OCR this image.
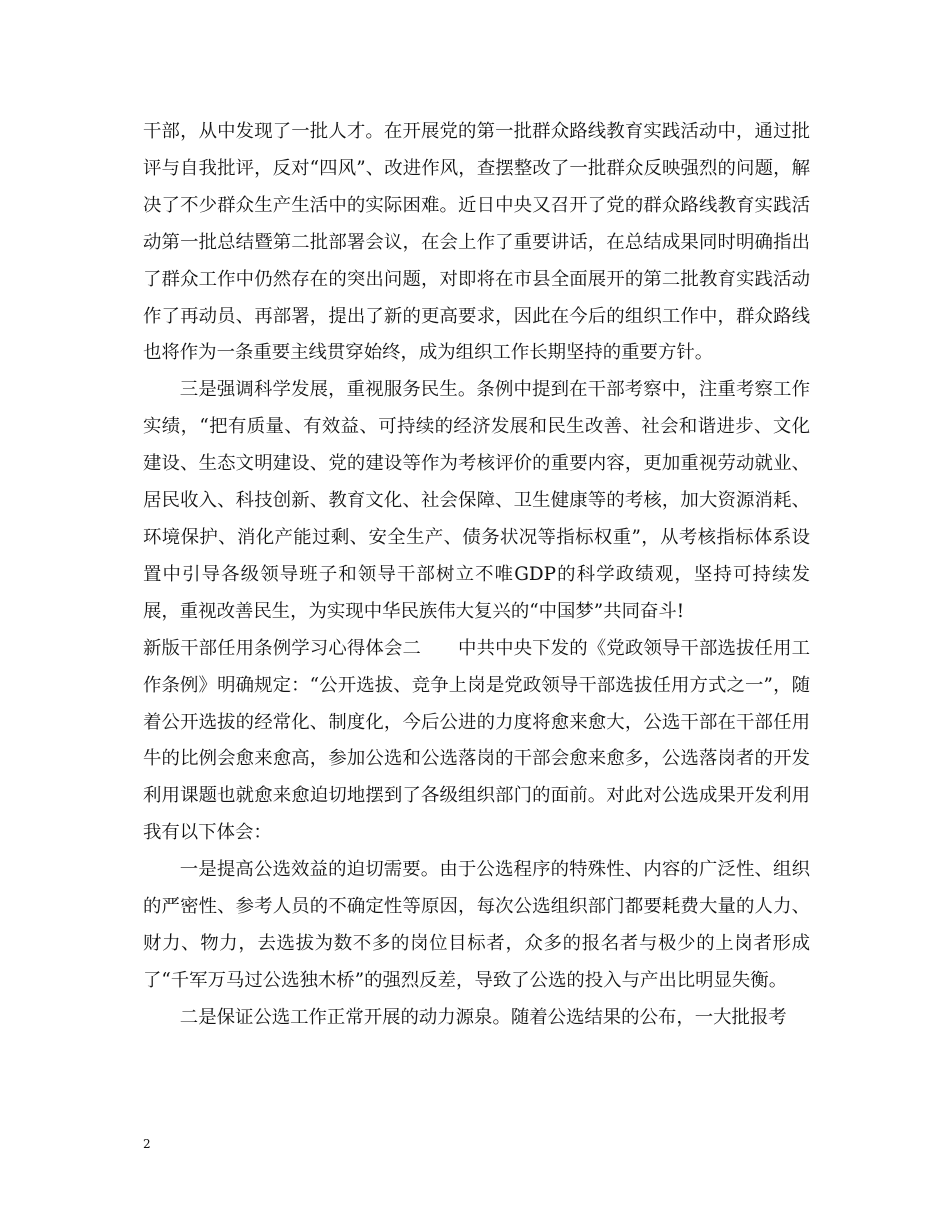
干部，从中发现了一批人才。在开展党的第一批群众路线教育实践活动中，通过批评与自我批评，反对“四风”、改进作风，查摆整改了一批群众反映强烈的问题，解决了不少群众生产生活中的实际困难。近日中央又召开了党的群众路线教育实践活动第一批总结暨第二批部署会议，在会上作了重要讲话，在总结成果同时明确指出了群众工作中仍然存在的突出问题，对即将在市县全面展开的第二批教育实践活动作了再动员、再部署，提出了新的更高要求，因此在今后的组织工作中，群众路线也将作为一条重要主线贯穿始终，成为组织工作长期坚持的重要方针。

三是强调科学发展，重视服务民生。条例中提到在干部考察中，注重考察工作实绩，“把有质量、有效益、可持续的经济发展和民生改善、社会和谐进步、文化建设、生态文明建设、党的建设等作为考核评价的重要内容，更加重视劳动就业、居民收入、科技创新、教育文化、社会保障、卫生健康等的考核，加大资源消耗、环境保护、消化产能过剩、安全生产、债务状况等指标权重”，从考核指标体系设置中引导各级领导班子和领导干部树立不唯GDP的科学政绩观，坚持可持续发展，重视改善民生，为实现中华民族伟大复兴的“中国梦”共同奋斗!

新版干部任用条例学习心得体会二　　中共中央下发的《党政领导干部选拔任用工作条例》明确规定：“公开选拔、竞争上岗是党政领导干部选拔任用方式之一”，随着公开选拔的经常化、制度化，今后公进的力度将愈来愈大，公选干部在干部任用牛的比例会愈来愈高，参加公选和公选落岗的干部会愈来愈多，公选落岗者的开发利用课题也就愈来愈迫切地摆到了各级组织部门的面前。对此对公选成果开发利用我有以下体会：

一是提高公选效益的迫切需要。由于公选程序的特殊性、内容的广泛性、组织的严密性、参考人员的不确定性等原因，每次公选组织部门都要耗费大量的人力、财力、物力，去选拔为数不多的岗位目标者，众多的报名者与极少的上岗者形成了“千军万马过公选独木桥”的强烈反差，导致了公选的投入与产出比明显失衡。

二是保证公选工作正常开展的动力源泉。随着公选结果的公布，一大批报考

2
